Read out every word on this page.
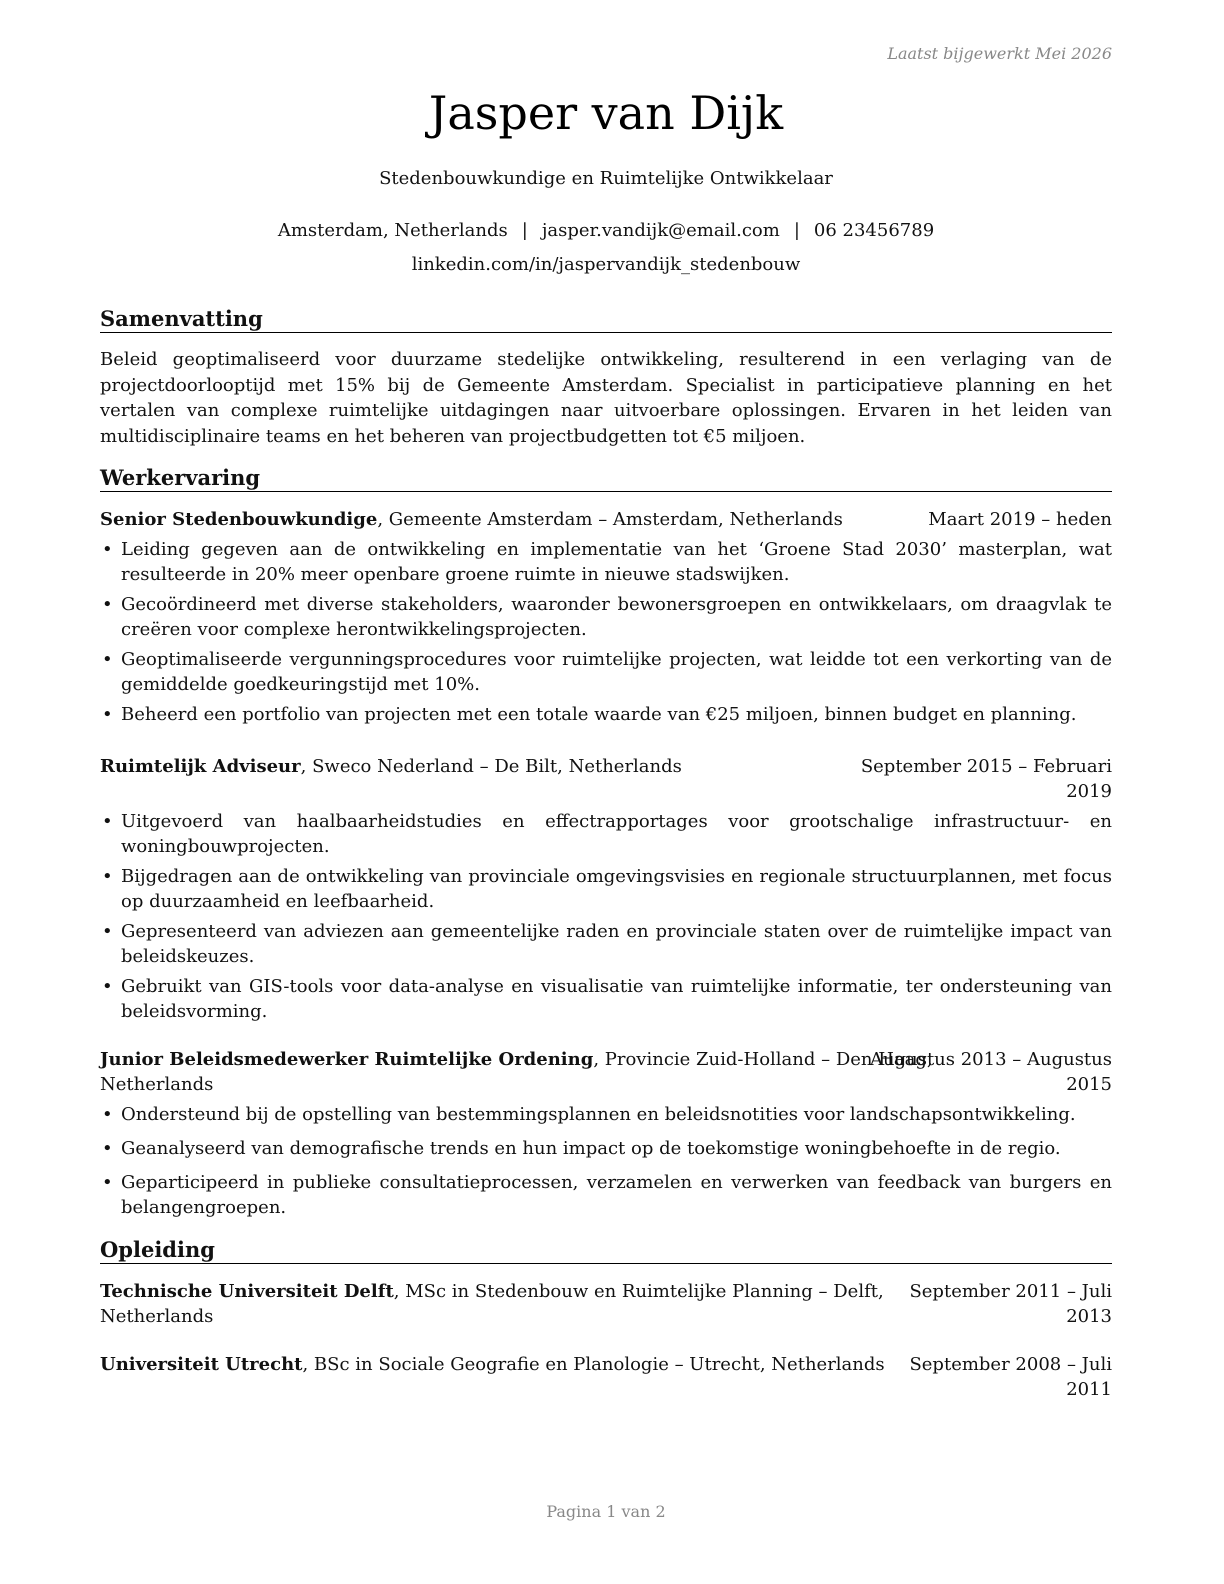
Laatst bijgewerkt Mei 2026
Jasper van Dijk
Stedenbouwkundige en Ruimtelijke Ontwikkelaar
Amsterdam, Netherlands | jasper.vandijk@email.com | 06 23456789
linkedin.com/in/jaspervandijk_stedenbouw
Samenvatting
Beleid geoptimaliseerd voor duurzame stedelijke ontwikkeling, resulterend in een verlaging van de projectdoorlooptijd met 15% bij de Gemeente Amsterdam. Specialist in participatieve planning en het vertalen van complexe ruimtelijke uitdagingen naar uitvoerbare oplossingen. Ervaren in het leiden van multidisciplinaire teams en het beheren van projectbudgetten tot €5 miljoen.
Werkervaring
Senior Stedenbouwkundige, Gemeente Amsterdam – Amsterdam, Netherlands	Maart 2019 – heden
• Leiding gegeven aan de ontwikkeling en implementatie van het ‘Groene Stad 2030’ masterplan, wat resulteerde in 20% meer openbare groene ruimte in nieuwe stadswijken.
• Gecoördineerd met diverse stakeholders, waaronder bewonersgroepen en ontwikkelaars, om draagvlak te creëren voor complexe herontwikkelingsprojecten.
• Geoptimaliseerde vergunningsprocedures voor ruimtelijke projecten, wat leidde tot een verkorting van de gemiddelde goedkeuringstijd met 10%.
• Beheerd een portfolio van projecten met een totale waarde van €25 miljoen, binnen budget en planning.
Ruimtelijk Adviseur, Sweco Nederland – De Bilt, Netherlands	September 2015 – Februari
2019
• Uitgevoerd van haalbaarheidstudies en effectrapportages voor grootschalige infrastructuur- en woningbouwprojecten.
• Bijgedragen aan de ontwikkeling van provinciale omgevingsvisies en regionale structuurplannen, met focus op duurzaamheid en leefbaarheid.
• Gepresenteerd van adviezen aan gemeentelijke raden en provinciale staten over de ruimtelijke impact van beleidskeuzes.
• Gebruikt van GIS-tools voor data-analyse en visualisatie van ruimtelijke informatie, ter ondersteuning van beleidsvorming.
Junior Beleidsmedewerker Ruimtelijke Ordening, Provincie Zuid-Holland – Den Haag,
Netherlands
Augustus 2013 – Augustus
2015
• Ondersteund bij de opstelling van bestemmingsplannen en beleidsnotities voor landschapsontwikkeling.
• Geanalyseerd van demografische trends en hun impact op de toekomstige woningbehoefte in de regio.
• Geparticipeerd in publieke consultatieprocessen, verzamelen en verwerken van feedback van burgers en belangengroepen.
Opleiding
Technische Universiteit Delft, MSc in Stedenbouw en Ruimtelijke Planning – Delft,
Netherlands
September 2011 – Juli
2013
Universiteit Utrecht, BSc in Sociale Geografie en Planologie – Utrecht, Netherlands September 2008 – Juli
2011
Pagina 1 van 2
